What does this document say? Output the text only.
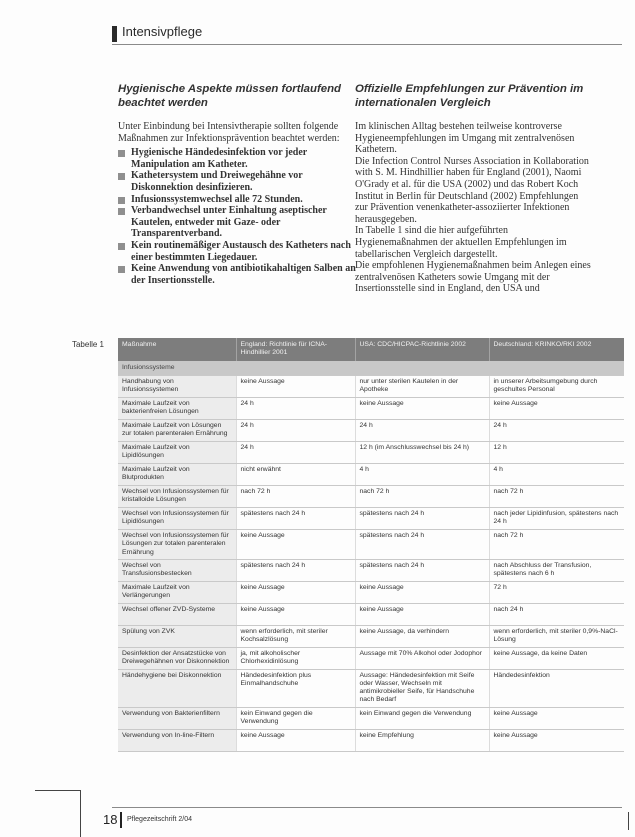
Intensivpflege
Hygienische Aspekte müssen fortlaufend beachtet werden

Unter Einbindung bei Intensivtherapie sollten folgende Maßnahmen zur Infektionsprävention beachtet werden:

Hygienische Händedesinfektion vor jeder Manipulation am Katheter.
Kathetersystem und Dreiwegehähne vor Diskonnektion desinfizieren.
Infusionssystemwechsel alle 72 Stunden.
Verbandwechsel unter Einhaltung aseptischer Kautelen, entweder mit Gaze- oder Transparentverband.
Kein routinemäßiger Austausch des Katheters nach einer bestimmten Liegedauer.
Keine Anwendung von antibiotikahaltigen Salben an der Insertionsstelle.
Offizielle Empfehlungen zur Prävention im internationalen Vergleich

Im klinischen Alltag bestehen teilweise kontroverse Hygieneempfehlungen im Umgang mit zentralvenösen Kathetern.

Die Infection Control Nurses Association in Kollaboration with S. M. Hindhillier haben für England (2001), Naomi O'Grady et al. für die USA (2002) und das Robert Koch Institut in Berlin für Deutschland (2002) Empfehlungen zur Prävention venenkatheter-assoziierter Infektionen herausgegeben.

In Tabelle 1 sind die hier aufgeführten Hygienemaßnahmen der aktuellen Empfehlungen im tabellarischen Vergleich dargestellt.

Die empfohlenen Hygienemaßnahmen beim Anlegen eines zentralvenösen Katheters sowie Umgang mit der Insertionsstelle sind in England, den USA und

Tabelle 1	Maßnahme	England: Richtlinie für ICNA-Hindhillier 2001	USA: CDC/HICPAC-Richtlinie 2002	Deutschland: KRINKO/RKI 2002
Infusionssysteme			
Handhabung von Infusionssystemen	keine Aussage	nur unter sterilen Kautelen in der Apotheke	in unserer Arbeitsumgebung durch geschultes Personal
Maximale Laufzeit von bakterienfreien Lösungen	24 h	keine Aussage	keine Aussage
Maximale Laufzeit von Lösungen zur totalen parenteralen Ernährung	24 h	24 h	24 h
Maximale Laufzeit von Lipidlösungen	24 h	12 h (im Anschlusswechsel bis 24 h)	12 h
Maximale Laufzeit von Blutprodukten	nicht erwähnt	4 h	4 h
Wechsel von Infusionssystemen für kristalloide Lösungen	nach 72 h	nach 72 h	nach 72 h
Wechsel von Infusionssystemen für Lipidlösungen	spätestens nach 24 h	spätestens nach 24 h	nach jeder Lipidinfusion, spätestens nach 24 h
Wechsel von Infusionssystemen für Lösungen zur totalen parenteralen Ernährung	keine Aussage	spätestens nach 24 h	nach 72 h
Wechsel von Transfusionsbestecken	spätestens nach 24 h	spätestens nach 24 h	nach Abschluss der Transfusion, spätestens nach 6 h
Maximale Laufzeit von Verlängerungen	keine Aussage	keine Aussage	72 h
Wechsel offener ZVD-Systeme	keine Aussage	keine Aussage	nach 24 h
Spülung von ZVK	wenn erforderlich, mit steriler Kochsalzlösung	keine Aussage, da verhindern	wenn erforderlich, mit steriler 0,9%-NaCl-Lösung
Desinfektion der Ansatzstücke von Dreiwegehähnen vor Diskonnektion	ja, mit alkoholischer Chlorhexidinlösung	Aussage mit 70% Alkohol oder Jodophor	keine Aussage, da keine Daten
Händehygiene bei Diskonnektion	Händedesinfektion plus Einmalhandschuhe	Aussage: Händedesinfektion mit Seife oder Wasser, Wechseln mit antimikrobieller Seife, für Handschuhe nach Bedarf	Händedesinfektion
Verwendung von Bakterienfiltern	kein Einwand gegen die Verwendung	kein Einwand gegen die Verwendung	keine Aussage
Verwendung von In-line-Filtern	keine Aussage	keine Empfehlung	keine Aussage
18 Pflegezeitschrift 2/04
